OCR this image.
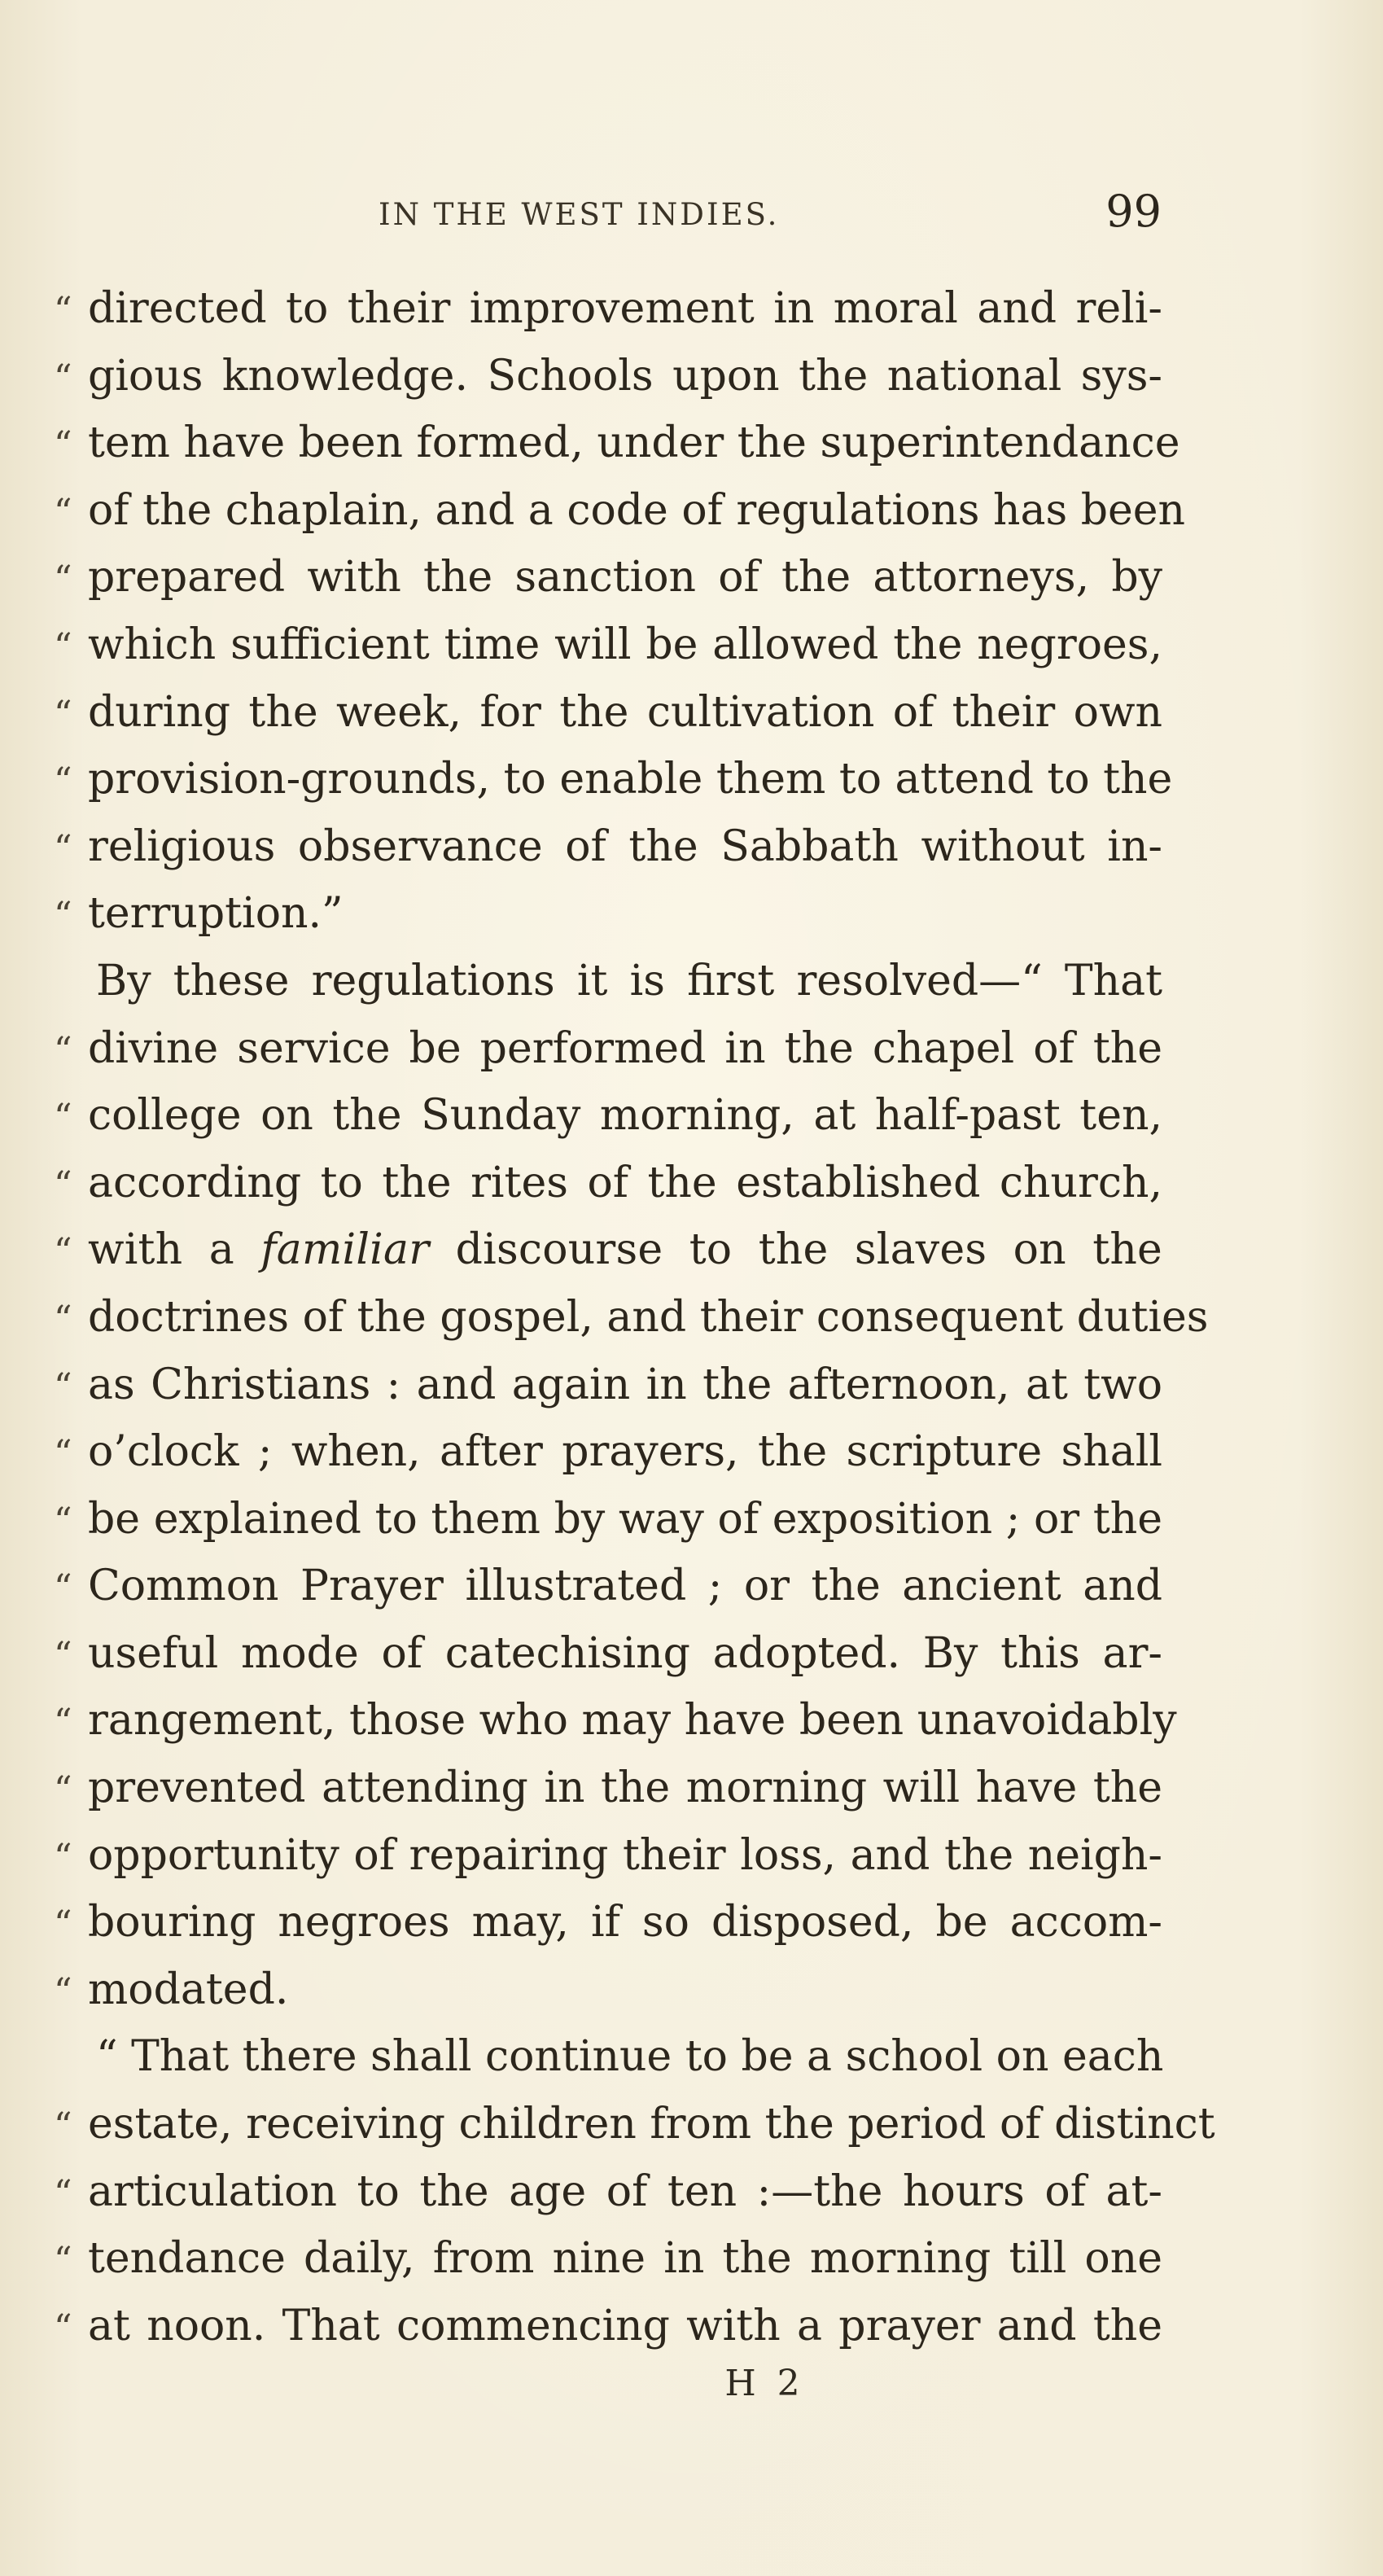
IN THE WEST INDIES.	99
“ directed to their improvement in moral and reli-
“ gious knowledge. Schools upon the national sys-
“ tem have been formed, under the superintendance
“ of the chaplain, and a code of regulations has been
“ prepared with the sanction of the attorneys, by
“ which sufficient time will be allowed the negroes,
“ during the week, for the cultivation of their own
“ provision-grounds, to enable them to attend to the
“ religious observance of the Sabbath without in-
“ terruption.”
By these regulations it is first resolved—“ That
“ divine service be performed in the chapel of the
“ college on the Sunday morning, at half-past ten,
“ according to the rites of the established church,
“ with a familiar discourse to the slaves on the
“ doctrines of the gospel, and their consequent duties
“ as Christians : and again in the afternoon, at two
“ o’clock ; when, after prayers, the scripture shall
“ be explained to them by way of exposition ; or the
“ Common Prayer illustrated ; or the ancient and
“ useful mode of catechising adopted. By this ar-
“ rangement, those who may have been unavoidably
“ prevented attending in the morning will have the
“ opportunity of repairing their loss, and the neigh-
“ bouring negroes may, if so disposed, be accom-
“ modated.
“ That there shall continue to be a school on each
“ estate, receiving children from the period of distinct
“ articulation to the age of ten :—the hours of at-
“ tendance daily, from nine in the morning till one
“ at noon. That commencing with a prayer and the
H 2
